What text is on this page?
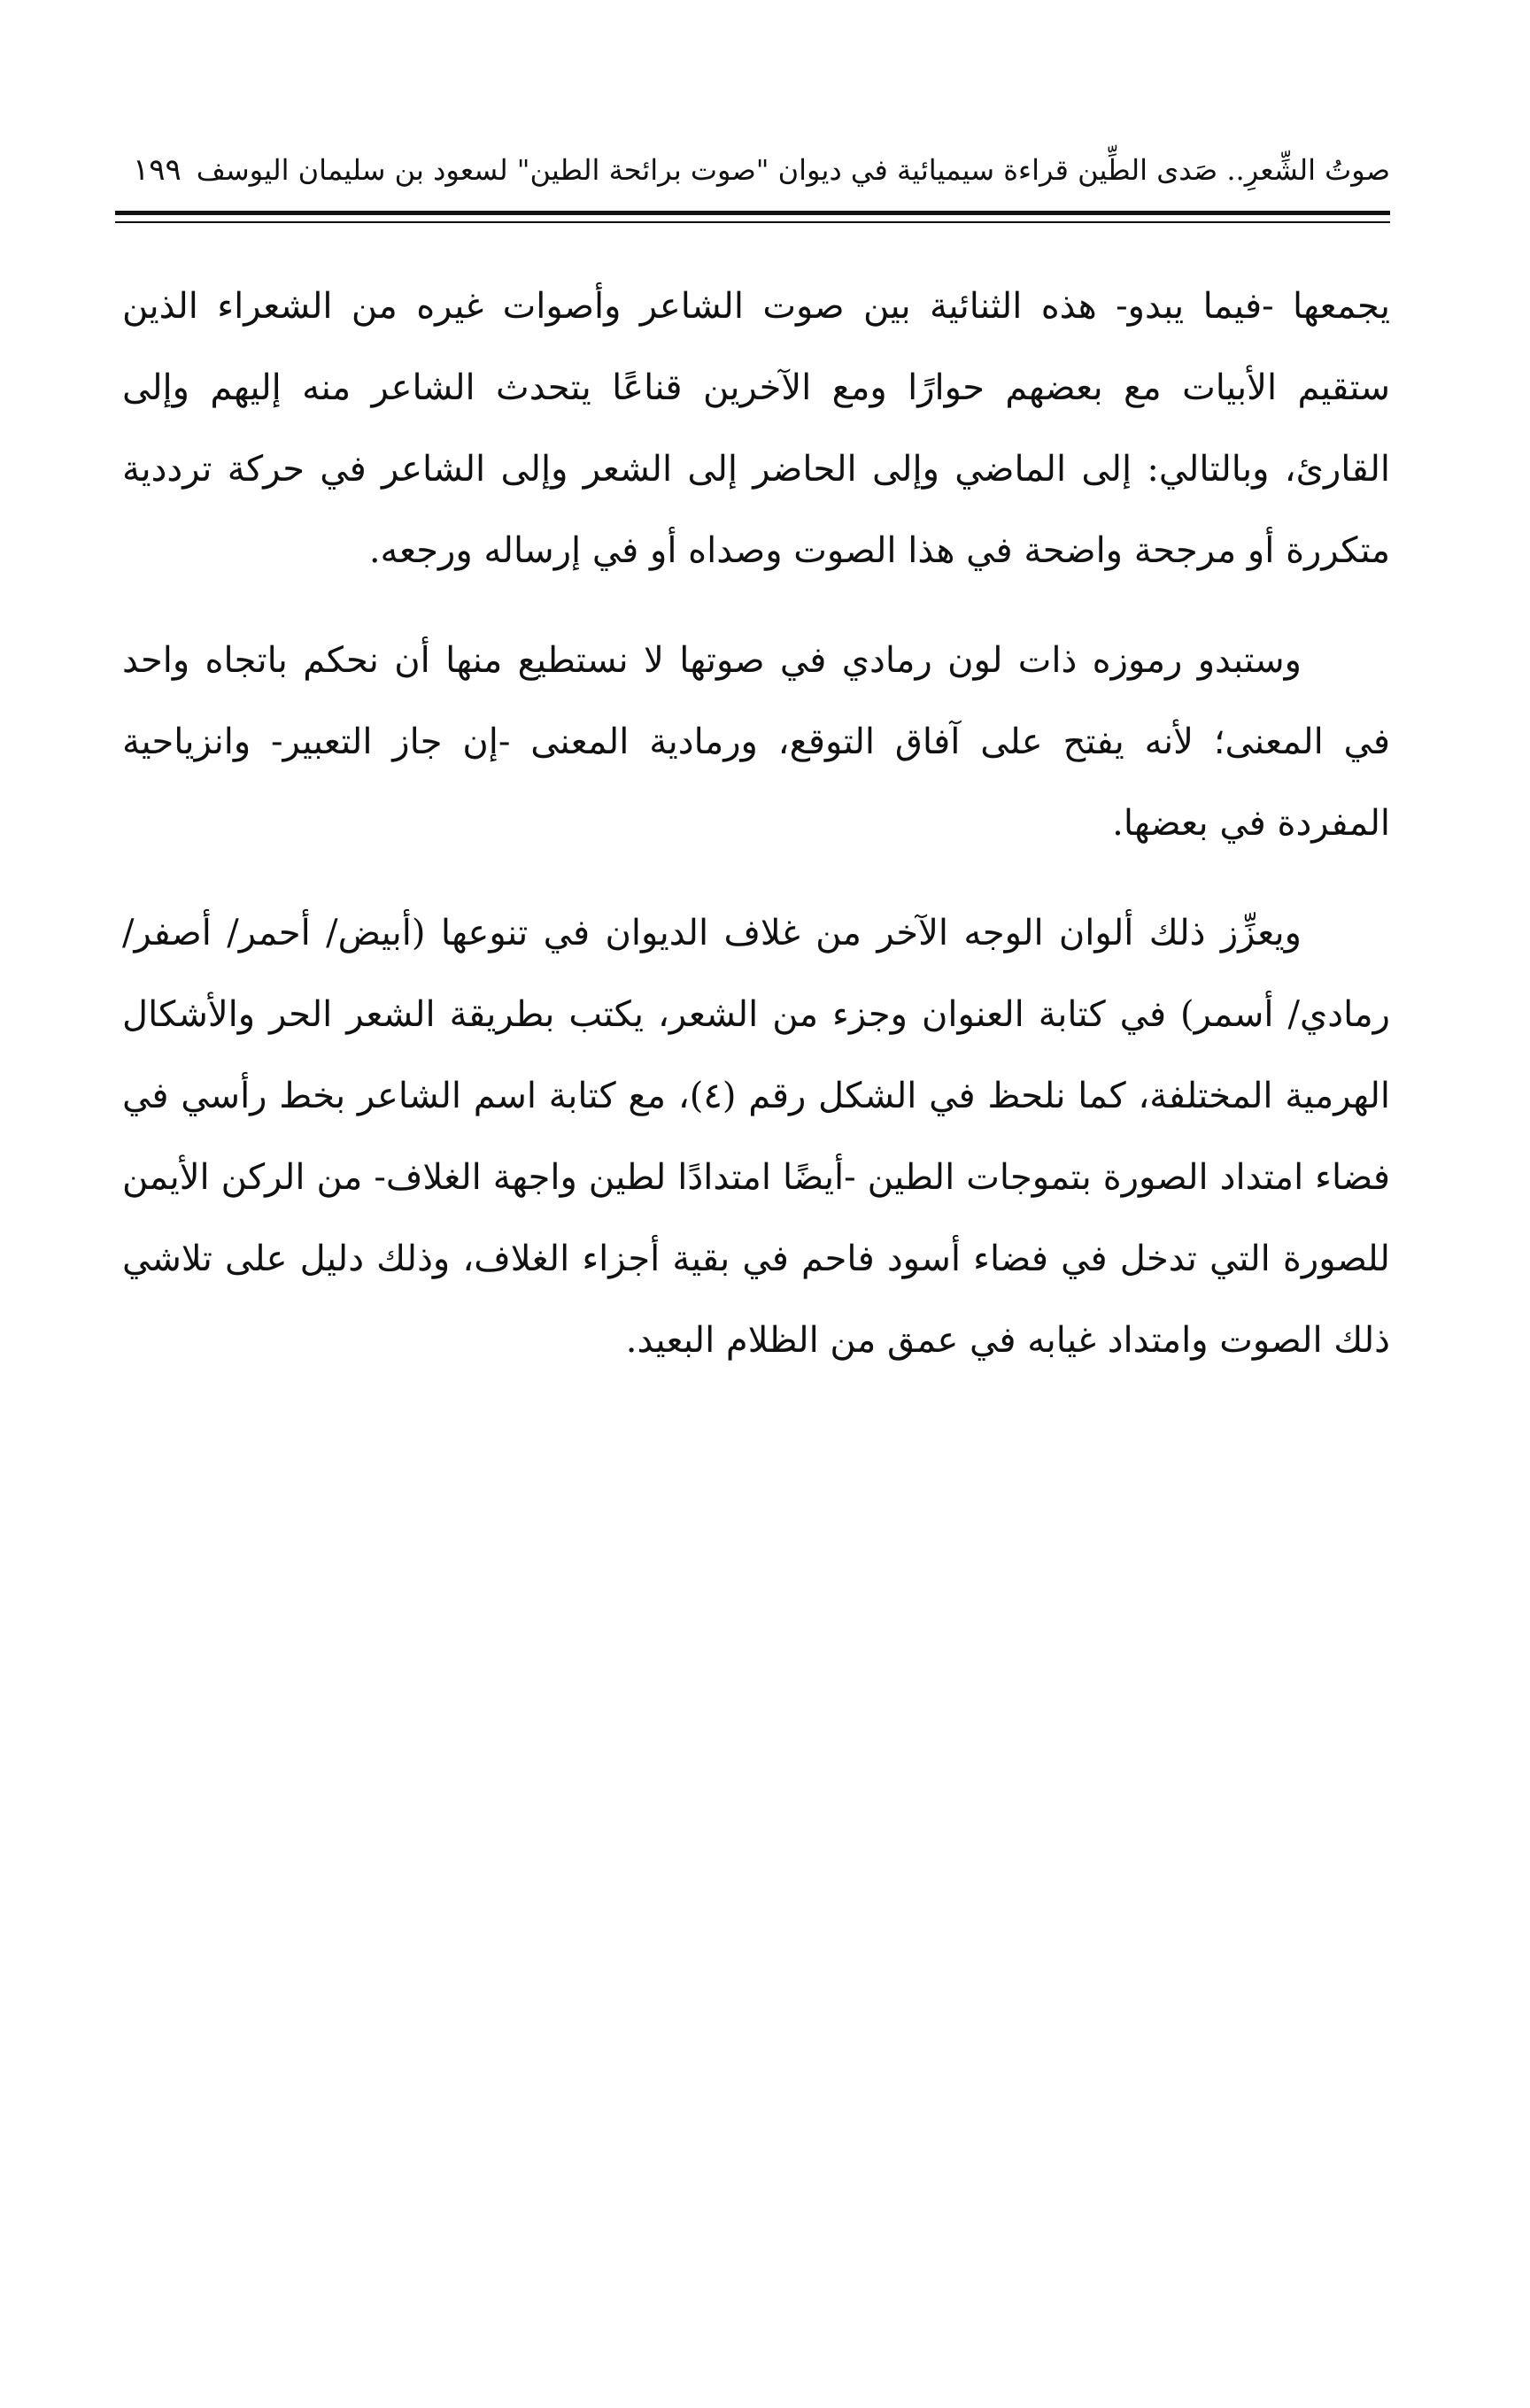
صوتُ الشِّعرِ.. صَدى الطِّين قراءة سيميائية في ديوان "صوت برائحة الطين" لسعود بن سليمان اليوسف
١٩٩

يجمعها -فيما يبدو- هذه الثنائية بين صوت الشاعر وأصوات غيره من الشعراء الذين ستقيم الأبيات مع بعضهم حوارًا ومع الآخرين قناعًا يتحدث الشاعر منه إليهم وإلى القارئ، وبالتالي: إلى الماضي وإلى الحاضر إلى الشعر وإلى الشاعر في حركة ترددية متكررة أو مرجحة واضحة في هذا الصوت وصداه أو في إرساله ورجعه.

وستبدو رموزه ذات لون رمادي في صوتها لا نستطيع منها أن نحكم باتجاه واحد في المعنى؛ لأنه يفتح على آفاق التوقع، ورمادية المعنى -إن جاز التعبير- وانزياحية المفردة في بعضها.

ويعزِّز ذلك ألوان الوجه الآخر من غلاف الديوان في تنوعها (أبيض/ أحمر/ أصفر/ رمادي/ أسمر) في كتابة العنوان وجزء من الشعر، يكتب بطريقة الشعر الحر والأشكال الهرمية المختلفة، كما نلحظ في الشكل رقم (٤)، مع كتابة اسم الشاعر بخط رأسي في فضاء امتداد الصورة بتموجات الطين -أيضًا امتدادًا لطين واجهة الغلاف- من الركن الأيمن للصورة التي تدخل في فضاء أسود فاحم في بقية أجزاء الغلاف، وذلك دليل على تلاشي ذلك الصوت وامتداد غيابه في عمق من الظلام البعيد.
